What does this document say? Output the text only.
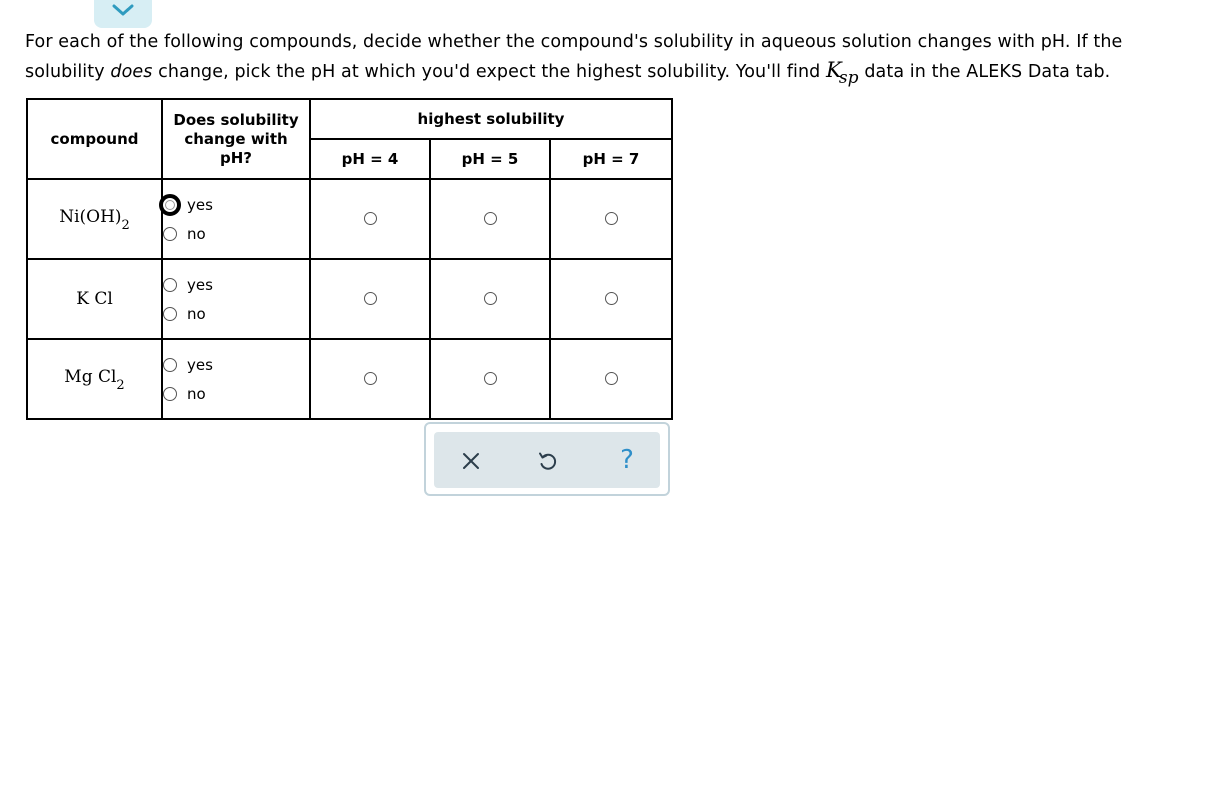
For each of the following compounds, decide whether the compound's solubility in aqueous solution changes with pH. If the solubility does change, pick the pH at which you'd expect the highest solubility. You'll find Ksp data in the ALEKS Data tab.
compound	Does solubility change with pH?	highest solubility		
		pH = 4	pH = 5	pH = 7
$Ni(OH)_2$	yes
no			

K Cl	yes
no			

Mg $Cl_2$	yes
no			

?
